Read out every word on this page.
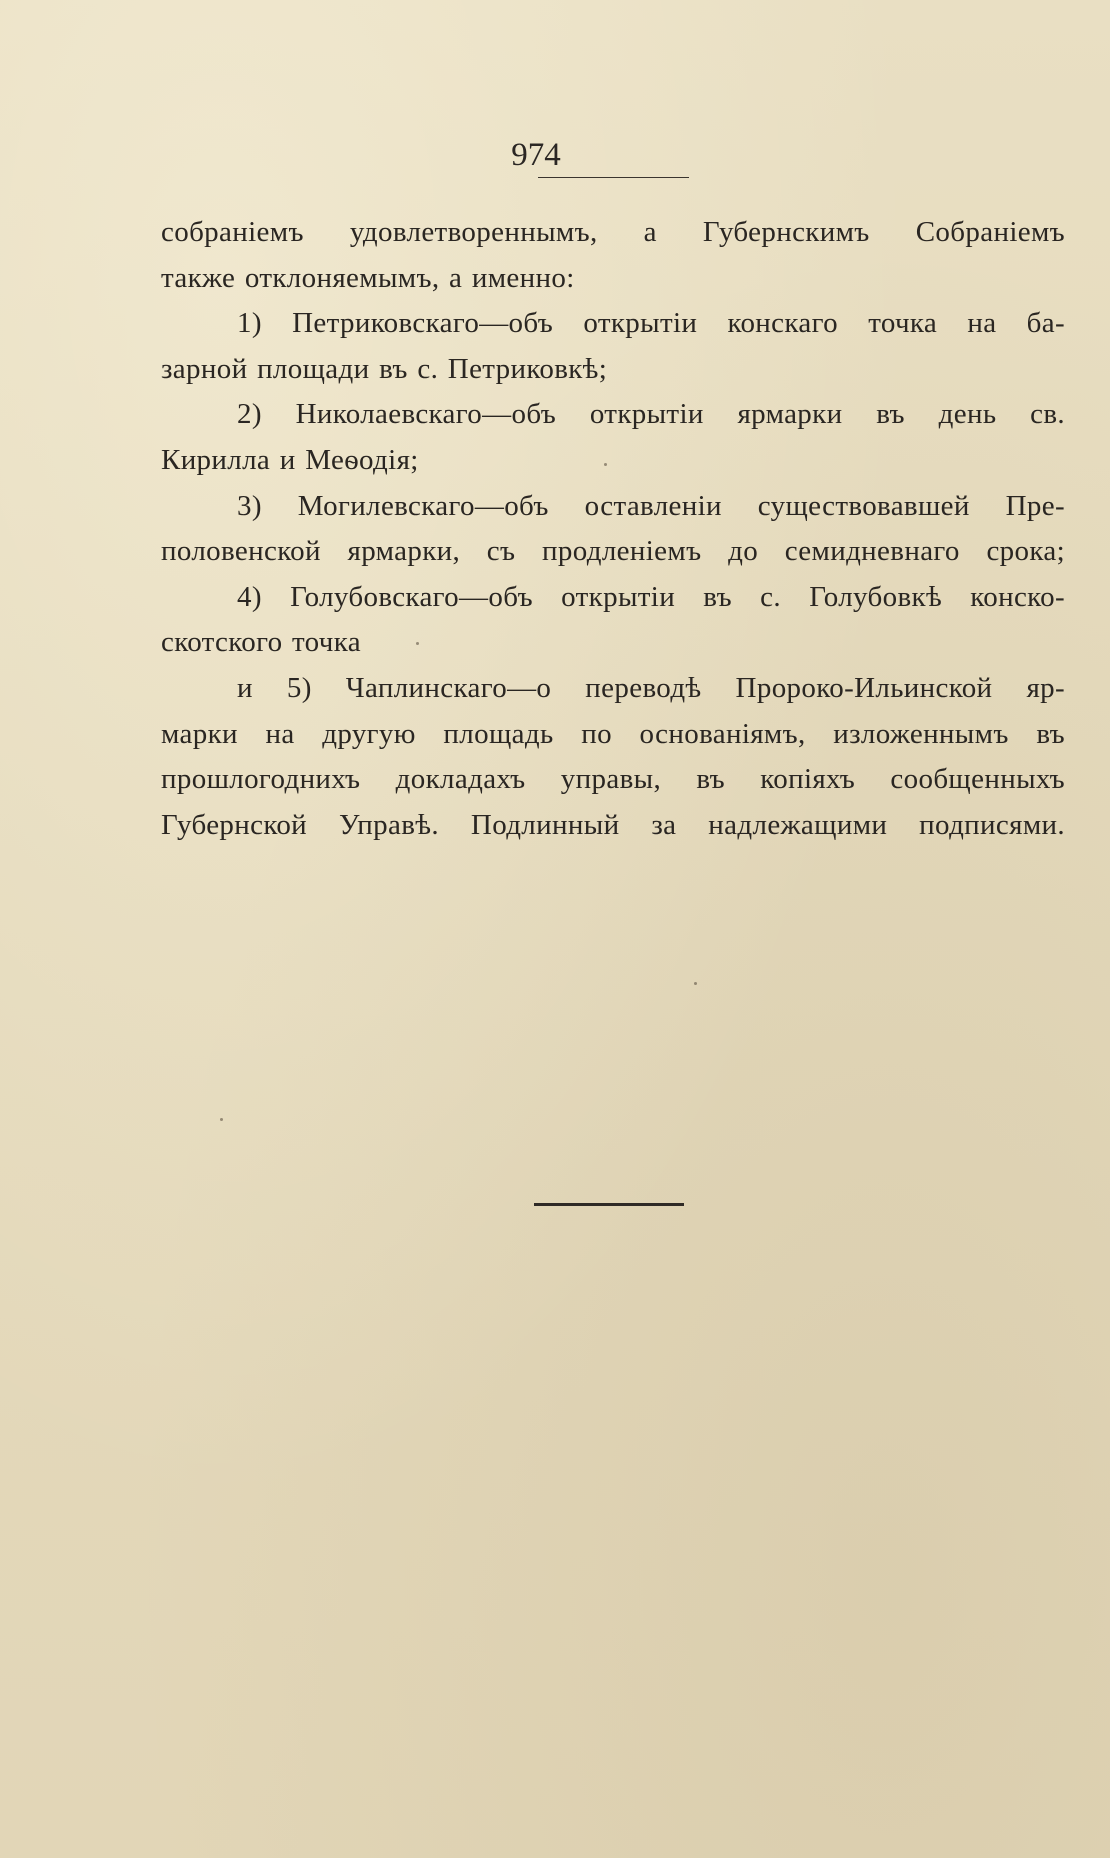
974
собраніемъ удовлетвореннымъ, а Губернскимъ Собраніемъ
также отклоняемымъ, а именно:
1) Петриковскаго—объ открытіи конскаго точка на ба-
зарной площади въ с. Петриковкѣ;
2) Николаевскаго—объ открытіи ярмарки въ день св.
Кирилла и Меѳодія;
3) Могилевскаго—объ оставленіи существовавшей Пре-
половенской ярмарки, съ продленіемъ до семидневнаго срока;
4) Голубовскаго—объ открытіи въ с. Голубовкѣ конско-
скотского точка
и 5) Чаплинскаго—о переводѣ Пророко-Ильинской яр-
марки на другую площадь по основаніямъ, изложеннымъ въ
прошлогоднихъ докладахъ управы, въ копіяхъ сообщенныхъ
Губернской Управѣ. Подлинный за надлежащими подписями.
